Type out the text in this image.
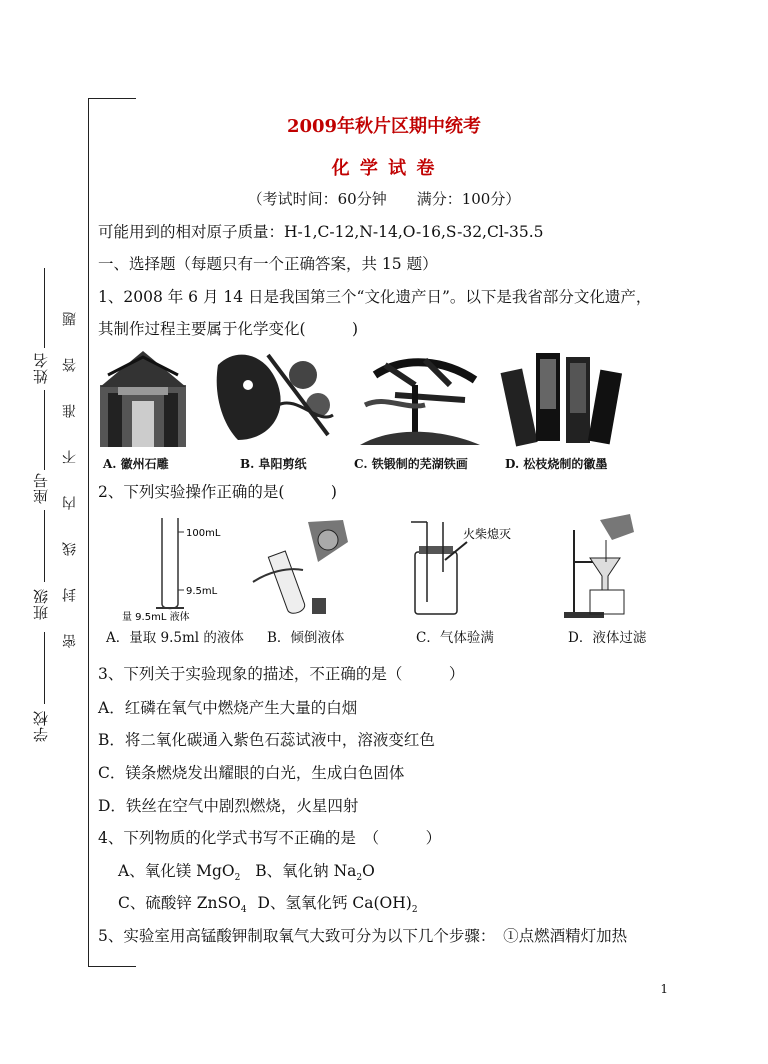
姓名
座号
班级
学校
题
答
准
不
内
线
封
密
2009年秋片区期中统考
化 学 试 卷
（考试时间：60分钟　　满分：100分）
可能用到的相对原子质量：H-1,C-12,N-14,O-16,S-32,Cl-35.5
一、选择题（每题只有一个正确答案，共 15 题）
1、2008 年 6 月 14 日是我国第三个“文化遗产日”。以下是我省部分文化遗产，
其制作过程主要属于化学变化(　　　)
A. 徽州石雕	B. 阜阳剪纸	C. 铁锻制的芜湖铁画	D. 松枝烧制的徽墨
2、下列实验操作正确的是(　　　)
100mL
9.5mL
量 9.5mL 液体
火柴熄灭
A．量取 9.5ml 的液体 B．倾倒液体	C．气体验满	D．液体过滤
3、下列关于实验现象的描述，不正确的是（　　　）
A．红磷在氧气中燃烧产生大量的白烟
B．将二氧化碳通入紫色石蕊试液中，溶液变红色
C．镁条燃烧发出耀眼的白光，生成白色固体
D．铁丝在空气中剧烈燃烧，火星四射
4、下列物质的化学式书写不正确的是　（　　　）
A、氧化镁 MgO$_2$ B、氧化钠 $Na_2O$
C、硫酸锌 ZnSO$_4$ D、氢氧化钙 $Ca(OH)_2$
5、实验室用高锰酸钾制取氧气大致可分为以下几个步骤：　①点燃酒精灯加热
1
